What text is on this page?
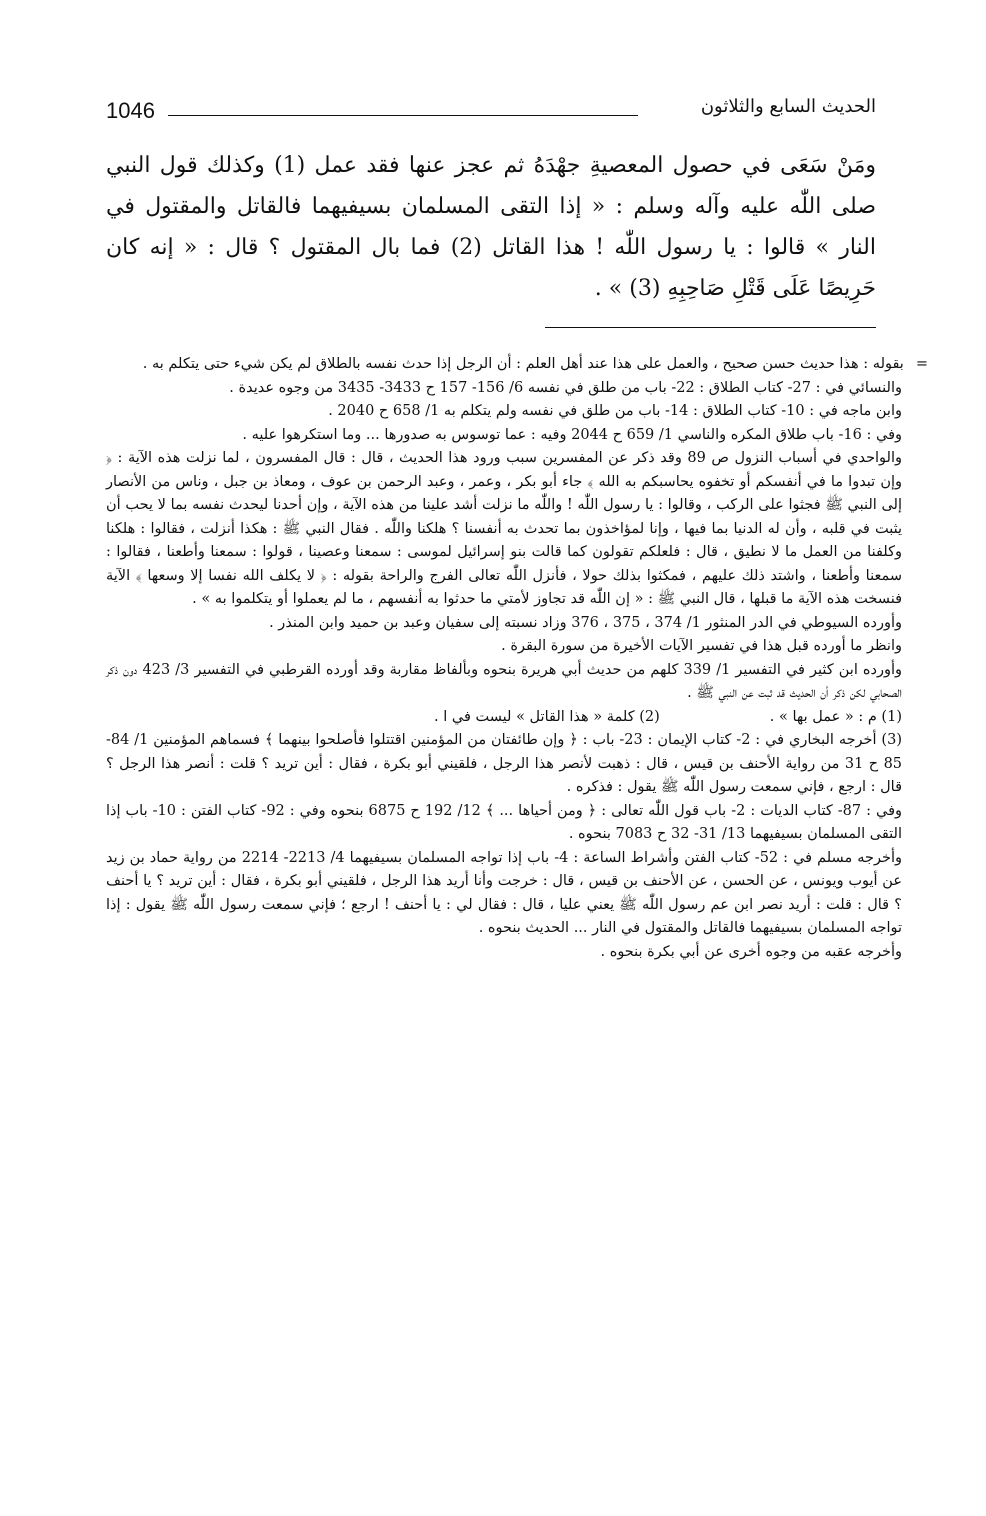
1046	الحديث السابع والثلاثون

ومَنْ سَعَى في حصول المعصيةِ جهْدَهُ ثم عجز عنها فقد عمل (1) وكذلك قول النبي صلى اللّٰه عليه وآله وسلم : « إذا التقى المسلمان بسيفيهما فالقاتل والمقتول في النار » قالوا : يا رسول اللّٰه ! هذا القاتل (2) فما بال المقتول ؟ قال : « إنه كان حَرِيصًا عَلَى قَتْلِ صَاحِبِهِ (3) » .

=بقوله : هذا حديث حسن صحيح ، والعمل على هذا عند أهل العلم : أن الرجل إذا حدث نفسه بالطلاق لم يكن شيء حتى يتكلم به .

والنسائي في : 27- كتاب الطلاق : 22- باب من طلق في نفسه 6/ 156- 157 ح 3433- 3435 من وجوه عديدة .

وابن ماجه في : 10- كتاب الطلاق : 14- باب من طلق في نفسه ولم يتكلم به 1/ 658 ح 2040 .

وفي : 16- باب طلاق المكره والناسي 1/ 659 ح 2044 وفيه : عما توسوس به صدورها ... وما استكرهوا عليه .

والواحدي في أسباب النزول ص 89 وقد ذكر عن المفسرين سبب ورود هذا الحديث ، قال : قال المفسرون ، لما نزلت هذه الآية : ﴿ وإن تبدوا ما في أنفسكم أو تخفوه يحاسبكم به الله ﴾ جاء أبو بكر ، وعمر ، وعبد الرحمن بن عوف ، ومعاذ بن جبل ، وناس من الأنصار إلى النبي ﷺ فجثوا على الركب ، وقالوا : يا رسول اللّٰه ! واللّٰه ما نزلت أشد علينا من هذه الآية ، وإن أحدنا ليحدث نفسه بما لا يحب أن يثبت في قلبه ، وأن له الدنيا بما فيها ، وإنا لمؤاخذون بما تحدث به أنفسنا ؟ هلكنا واللّٰه . فقال النبي ﷺ : هكذا أنزلت ، فقالوا : هلكنا وكلفنا من العمل ما لا نطيق ، قال : فلعلكم تقولون كما قالت بنو إسرائيل لموسى : سمعنا وعصينا ، قولوا : سمعنا وأطعنا ، فقالوا : سمعنا وأطعنا ، واشتد ذلك عليهم ، فمكثوا بذلك حولا ، فأنزل اللّٰه تعالى الفرج والراحة بقوله : ﴿ لا يكلف الله نفسا إلا وسعها ﴾ الآية فنسخت هذه الآية ما قبلها ، قال النبي ﷺ : « إن اللّٰه قد تجاوز لأمتي ما حدثوا به أنفسهم ، ما لم يعملوا أو يتكلموا به » .

وأورده السيوطي في الدر المنثور 1/ 374 ، 375 ، 376 وزاد نسبته إلى سفيان وعبد بن حميد وابن المنذر .

وانظر ما أورده قبل هذا في تفسير الآيات الأخيرة من سورة البقرة .

وأورده ابن كثير في التفسير 1/ 339 كلهم من حديث أبي هريرة بنحوه وبألفاظ مقاربة وقد أورده القرطبي في التفسير 3/ 423 دون ذكر الصحابي لكن ذكر أن الحديث قد ثبت عن النبي ﷺ .

(1) م : « عمل بها » .
(2) كلمة « هذا القاتل » ليست في ا .

(3) أخرجه البخاري في : 2- كتاب الإيمان : 23- باب : ﴿ وإن طائفتان من المؤمنين اقتتلوا فأصلحوا بينهما ﴾ فسماهم المؤمنين 1/ 84- 85 ح 31 من رواية الأحنف بن قيس ، قال : ذهبت لأنصر هذا الرجل ، فلقيني أبو بكرة ، فقال : أين تريد ؟ قلت : أنصر هذا الرجل ؟ قال : ارجع ، فإني سمعت رسول اللّٰه ﷺ يقول : فذكره .

وفي : 87- كتاب الديات : 2- باب قول اللّٰه تعالى : ﴿ ومن أحياها ... ﴾ 12/ 192 ح 6875 بنحوه وفي : 92- كتاب الفتن : 10- باب إذا التقى المسلمان بسيفيهما 13/ 31- 32 ح 7083 بنحوه .

وأخرجه مسلم في : 52- كتاب الفتن وأشراط الساعة : 4- باب إذا تواجه المسلمان بسيفيهما 4/ 2213- 2214 من رواية حماد بن زيد عن أيوب ويونس ، عن الحسن ، عن الأحنف بن قيس ، قال : خرجت وأنا أريد هذا الرجل ، فلقيني أبو بكرة ، فقال : أين تريد ؟ يا أحنف ؟ قال : قلت : أريد نصر ابن عم رسول اللّٰه ﷺ يعني عليا ، قال : فقال لي : يا أحنف ! ارجع ؛ فإني سمعت رسول اللّٰه ﷺ يقول : إذا تواجه المسلمان بسيفيهما فالقاتل والمقتول في النار ... الحديث بنحوه .

وأخرجه عقبه من وجوه أخرى عن أبي بكرة بنحوه .
